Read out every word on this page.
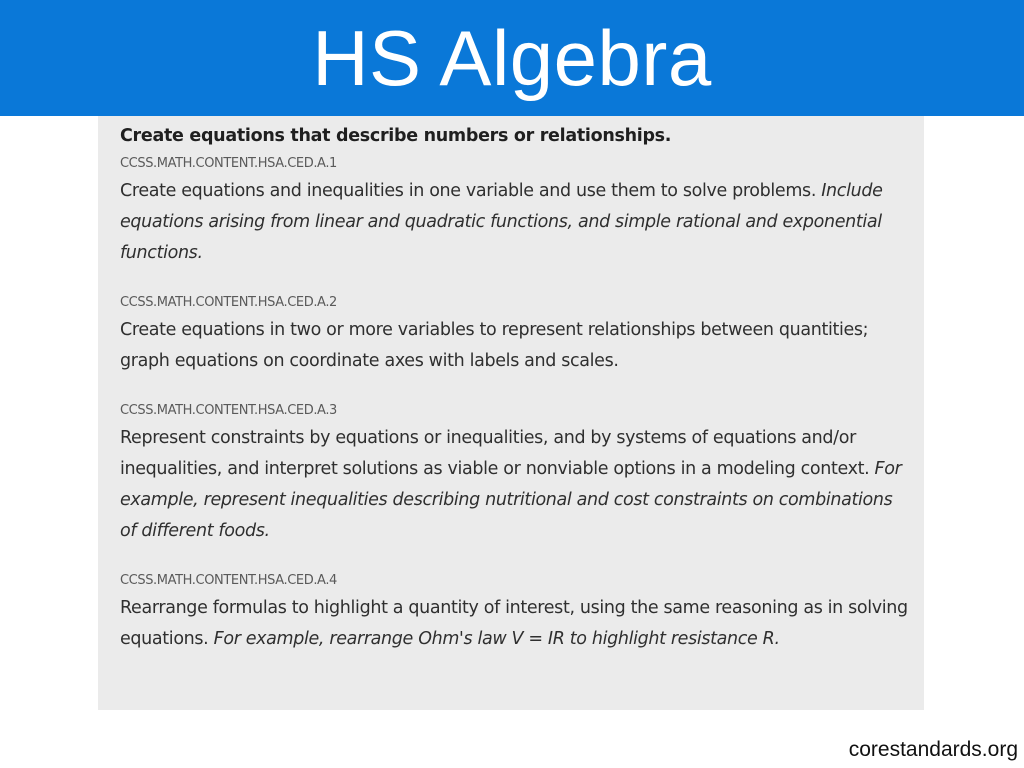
HS Algebra
Create equations that describe numbers or relationships.
CCSS.MATH.CONTENT.HSA.CED.A.1
Create equations and inequalities in one variable and use them to solve problems. Include equations arising from linear and quadratic functions, and simple rational and exponential functions.
CCSS.MATH.CONTENT.HSA.CED.A.2
Create equations in two or more variables to represent relationships between quantities; graph equations on coordinate axes with labels and scales.
CCSS.MATH.CONTENT.HSA.CED.A.3
Represent constraints by equations or inequalities, and by systems of equations and/or inequalities, and interpret solutions as viable or nonviable options in a modeling context. For example, represent inequalities describing nutritional and cost constraints on combinations of different foods.
CCSS.MATH.CONTENT.HSA.CED.A.4
Rearrange formulas to highlight a quantity of interest, using the same reasoning as in solving equations. For example, rearrange Ohm's law V = IR to highlight resistance R.
corestandards.org
